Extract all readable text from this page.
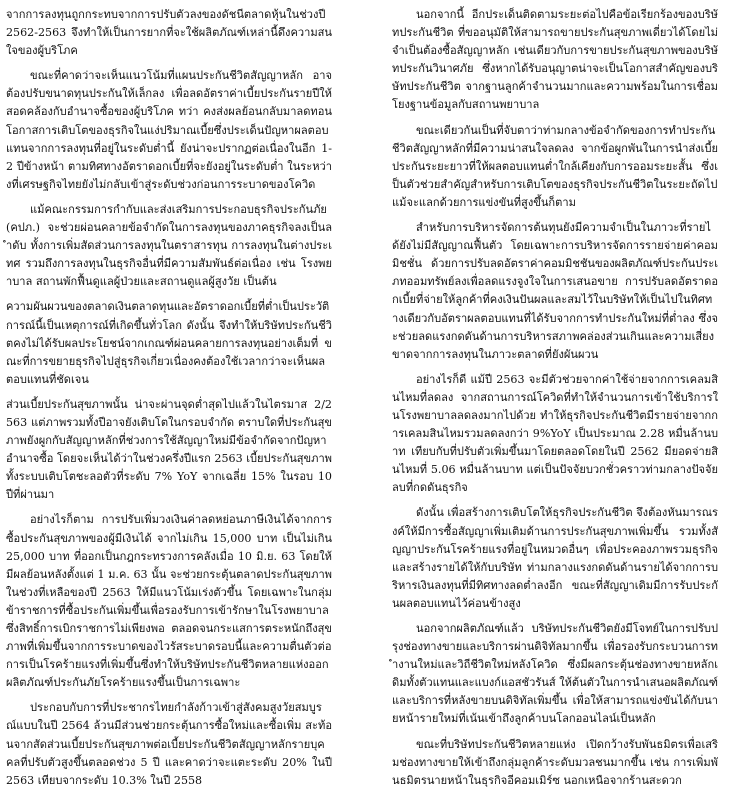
จากการลงทุนถูกกระทบจากการปรับตัวลงของดัชนีตลาดหุ้นในช่วงปี 2562-2563 จึงทำให้เป็นการยากที่จะใช้ผลิตภัณฑ์เหล่านี้ดึงความสนใจของผู้บริโภค

ขณะที่คาดว่าจะเห็นแนวโน้มที่แผนประกันชีวิตสัญญาหลัก อาจต้องปรับขนาดทุนประกันให้เล็กลง เพื่อลดอัตราค่าเบี้ยประกันรายปีให้สอดคล้องกับอำนาจซื้อของผู้บริโภค ทว่า คงส่งผลย้อนกลับมาลดทอนโอกาสการเติบโตของธุรกิจในแง่ปริมาณเบี้ยซึ่งประเด็นปัญหาผลตอบแทนจากการลงทุนที่อยู่ในระดับต่ำนี้ ยังน่าจะปรากฏต่อเนื่องในอีก 1-2 ปีข้างหน้า ตามทิศทางอัตราดอกเบี้ยที่จะยังอยู่ในระดับต่ำ ในระหว่างที่เศรษฐกิจไทยยังไม่กลับเข้าสู่ระดับช่วงก่อนการระบาดของโควิด

แม้คณะกรรมการกำกับและส่งเสริมการประกอบธุรกิจประกันภัย (คปภ.) จะช่วยผ่อนคลายข้อจำกัดในการลงทุนของภาคธุรกิจลงเป็นลำดับ ทั้งการเพิ่มสัดส่วนการลงทุนในตราสารทุน การลงทุนในต่างประเทศ รวมถึงการลงทุนในธุรกิจอื่นที่มีความสัมพันธ์ต่อเนื่อง เช่น โรงพยาบาล สถานพักฟื้นดูแลผู้ป่วยและสถานดูแลผู้สูงวัย เป็นต้น

ความผันผวนของตลาดเงินตลาดทุนและอัตราดอกเบี้ยที่ต่ำเป็นประวัติการณ์นี้เป็นเหตุการณ์ที่เกิดขึ้นทั่วโลก ดังนั้น จึงทำให้บริษัทประกันชีวิตคงไม่ได้รับผลประโยชน์จากเกณฑ์ผ่อนคลายการลงทุนอย่างเต็มที่ ขณะที่การขยายธุรกิจไปสู่ธุรกิจเกี่ยวเนื่องคงต้องใช้เวลากว่าจะเห็นผลตอบแทนที่ชัดเจน

ส่วนเบี้ยประกันสุขภาพนั้น น่าจะผ่านจุดต่ำสุดไปแล้วในไตรมาส 2/2563 แต่ภาพรวมทั้งปีอาจยังเติบโตในกรอบจำกัด ตราบใดที่ประกันสุขภาพยังผูกกับสัญญาหลักที่ช่วงการใช้สัญญาใหม่มีข้อจำกัดจากปัญหาอำนาจซื้อ โดยจะเห็นได้ว่าในช่วงครึ่งปีแรก 2563 เบี้ยประกันสุขภาพทั้งระบบเติบโตชะลอตัวที่ระดับ 7% YoY จากเฉลี่ย 15% ในรอบ 10 ปีที่ผ่านมา

อย่างไรก็ตาม การปรับเพิ่มวงเงินค่าลดหย่อนภาษีเงินได้จากการซื้อประกันสุขภาพของผู้มีเงินได้ จากไม่เกิน 15,000 บาท เป็นไม่เกิน 25,000 บาท ที่ออกเป็นกฎกระทรวงการคลังเมื่อ 10 มิ.ย. 63 โดยให้มีผลย้อนหลังตั้งแต่ 1 ม.ค. 63 นั้น จะช่วยกระตุ้นตลาดประกันสุขภาพในช่วงที่เหลือของปี 2563 ให้มีแนวโน้มเร่งตัวขึ้น โดยเฉพาะในกลุ่มข้าราชการที่ซื้อประกันเพิ่มขึ้นเพื่อรองรับการเข้ารักษาในโรงพยาบาลซึ่งสิทธิ์การเบิกราชการไม่เพียงพอ ตลอดจนกระแสการตระหนักถึงสุขภาพที่เพิ่มขึ้นจากการระบาดของไวรัสระบาดรอบนี้และความตื่นตัวต่อการเป็นโรคร้ายแรงที่เพิ่มขึ้นซึ่งทำให้บริษัทประกันชีวิตหลายแห่งออกผลิตภัณฑ์ประกันภัยโรคร้ายแรงขึ้นเป็นการเฉพาะ

ประกอบกับการที่ประชากรไทยกำลังก้าวเข้าสู่สังคมสูงวัยสมบูรณ์แบบในปี 2564 ล้วนมีส่วนช่วยกระตุ้นการซื้อใหม่และซื้อเพิ่ม สะท้อนจากสัดส่วนเบี้ยประกันสุขภาพต่อเบี้ยประกันชีวิตสัญญาหลักรายบุคคลที่ปรับตัวสูงขึ้นตลอดช่วง 5 ปี และคาดว่าจะแตะระดับ 20% ในปี 2563 เทียบจากระดับ 10.3% ในปี 2558

นอกจากนี้ อีกประเด็นติดตามระยะต่อไปคือข้อเรียกร้องของบริษัทประกันชีวิต ที่ขออนุมัติให้สามารถขายประกันสุขภาพเดี่ยวได้โดยไม่จำเป็นต้องซื้อสัญญาหลัก เช่นเดียวกับการขายประกันสุขภาพของบริษัทประกันวินาศภัย ซึ่งหากได้รับอนุญาตน่าจะเป็นโอกาสสำคัญของบริษัทประกันชีวิต จากฐานลูกค้าจำนวนมากและความพร้อมในการเชื่อมโยงฐานข้อมูลกับสถานพยาบาล

ขณะเดียวกันเป็นที่จับตาว่าท่ามกลางข้อจำกัดของการทำประกันชีวิตสัญญาหลักที่มีความน่าสนใจลดลง จากข้อผูกพันในการนำส่งเบี้ยประกันระยะยาวที่ให้ผลตอบแทนต่ำใกล้เคียงกับการออมระยะสั้น ซึ่งเป็นตัวช่วยสำคัญสำหรับการเติบโตของธุรกิจประกันชีวิตในระยะถัดไป แม้จะแลกด้วยการแข่งขันที่สูงขึ้นก็ตาม

สำหรับการบริหารจัดการต้นทุนยังมีความจำเป็นในภาวะที่รายได้ยังไม่มีสัญญาณฟื้นตัว โดยเฉพาะการบริหารจัดการรายจ่ายค่าคอมมิชชั่น ด้วยการปรับลดอัตราค่าคอมมิชชันของผลิตภัณฑ์ประกันประเภทออมทรัพย์ลงเพื่อลดแรงจูงใจในการเสนอขาย การปรับลดอัตราดอกเบี้ยที่จ่ายให้ลูกค้าที่คงเงินปันผลและสมไว้ในบริษัทให้เป็นไปในทิศทางเดียวกับอัตราผลตอบแทนที่ได้รับจากการทำประกันใหม่ที่ต่ำลง ซึ่งจะช่วยลดแรงกดดันด้านการบริหารสภาพคล่องส่วนเกินและความเสี่ยงขาดจากการลงทุนในภาวะตลาดที่ยังผันผวน

อย่างไรก็ดี แม้ปี 2563 จะมีตัวช่วยจากค่าใช้จ่ายจากการเคลมสินไหมที่ลดลง จากสถานการณ์โควิดที่ทำให้จำนวนการเข้าใช้บริการในโรงพยาบาลลดลงมากไปด้วย ทำให้ธุรกิจประกันชีวิตมีรายจ่ายจากการเคลมสินไหมรวมลดลงกว่า 9%YoY เป็นประมาณ 2.28 หมื่นล้านบาท เทียบกับที่ปรับตัวเพิ่มขึ้นมาโดยตลอดโดยในปี 2562 มียอดจ่ายสินไหมที่ 5.06 หมื่นล้านบาท แต่เป็นปัจจัยบวกชั่วคราวท่ามกลางปัจจัยลบที่กดดันธุรกิจ

ดังนั้น เพื่อสร้างการเติบโตให้ธุรกิจประกันชีวิต จึงต้องหันมารณรงค์ให้มีการซื้อสัญญาเพิ่มเติมด้านการประกันสุขภาพเพิ่มขึ้น รวมทั้งสัญญาประกันโรคร้ายแรงที่อยู่ในหมวดอื่นๆ เพื่อประคองภาพรวมธุรกิจและสร้างรายได้ให้กับบริษัท ท่ามกลางแรงกดดันด้านรายได้จากการบริหารเงินลงทุนที่มีทิศทางลดต่ำลงอีก ขณะที่สัญญาเดิมมีการรับประกันผลตอบแทนไว้ค่อนข้างสูง

นอกจากผลิตภัณฑ์แล้ว บริษัทประกันชีวิตยังมีโจทย์ในการปรับปรุงช่องทางขายและบริการผ่านดิจิทัลมากขึ้น เพื่อรองรับกระบวนการทำงานใหม่และวิถีชีวิตใหม่หลังโควิด ซึ่งมีผลกระตุ้นช่องทางขายหลักเดิมทั้งตัวแทนและแบงก์แอสชัวรันส์ ให้ต้นตัวในการนำเสนอผลิตภัณฑ์และบริการที่หลังขายบนดิจิทัลเพิ่มขึ้น เพื่อให้สามารถแข่งขันได้กับนายหน้ารายใหม่ที่เน้นเข้าถึงลูกค้าบนโลกออนไลน์เป็นหลัก

ขณะที่บริษัทประกันชีวิตหลายแห่ง เปิดกว้างรับพันธมิตรเพื่อเสริมช่องทางขายให้เข้าถึงกลุ่มลูกค้าระดับมวลชนมากขึ้น เช่น การเพิ่มพันธมิตรนายหน้าในธุรกิจอีคอมเมิร์ซ นอกเหนือจากร้านสะดวก
